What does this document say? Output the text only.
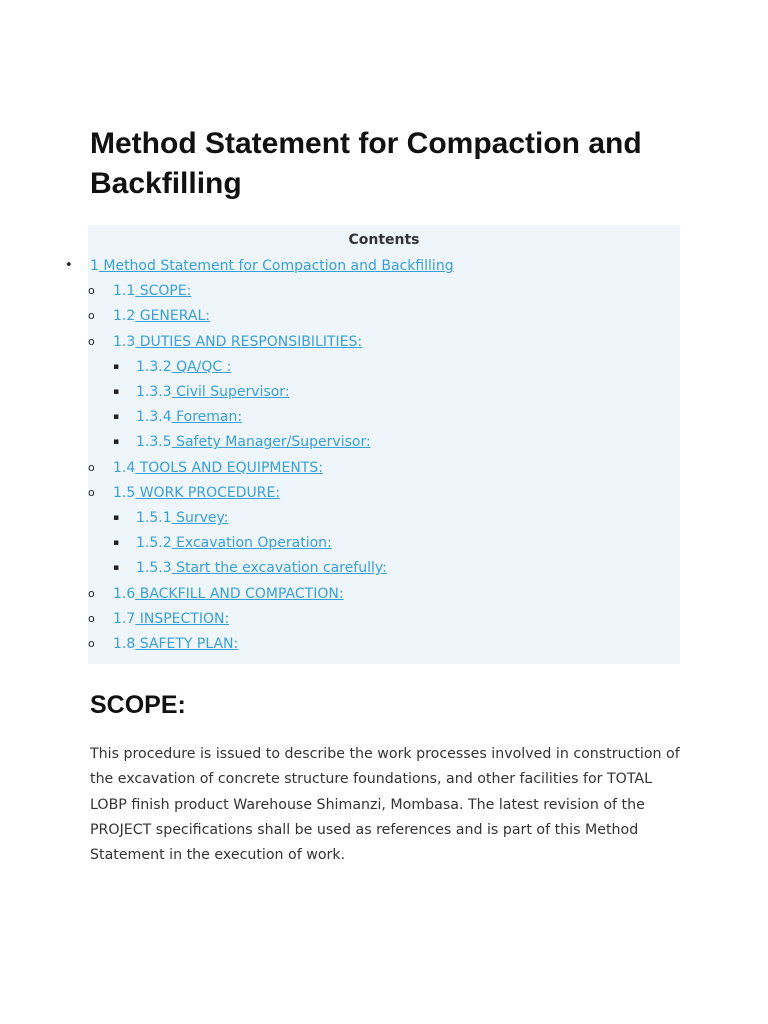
Method Statement for Compaction and Backfilling
Contents
• 1 Method Statement for Compaction and Backfilling
o 1.1 SCOPE:
o 1.2 GENERAL:
o 1.3 DUTIES AND RESPONSIBILITIES:
▪ 1.3.2 QA/QC :
▪ 1.3.3 Civil Supervisor:
▪ 1.3.4 Foreman:
▪ 1.3.5 Safety Manager/Supervisor:
o 1.4 TOOLS AND EQUIPMENTS:
o 1.5 WORK PROCEDURE:
▪ 1.5.1 Survey:
▪ 1.5.2 Excavation Operation:
▪ 1.5.3 Start the excavation carefully:
o 1.6 BACKFILL AND COMPACTION:
o 1.7 INSPECTION:
o 1.8 SAFETY PLAN:
SCOPE:

This procedure is issued to describe the work processes involved in construction of the excavation of concrete structure foundations, and other facilities for TOTAL LOBP finish product Warehouse Shimanzi, Mombasa. The latest revision of the PROJECT specifications shall be used as references and is part of this Method Statement in the execution of work.
